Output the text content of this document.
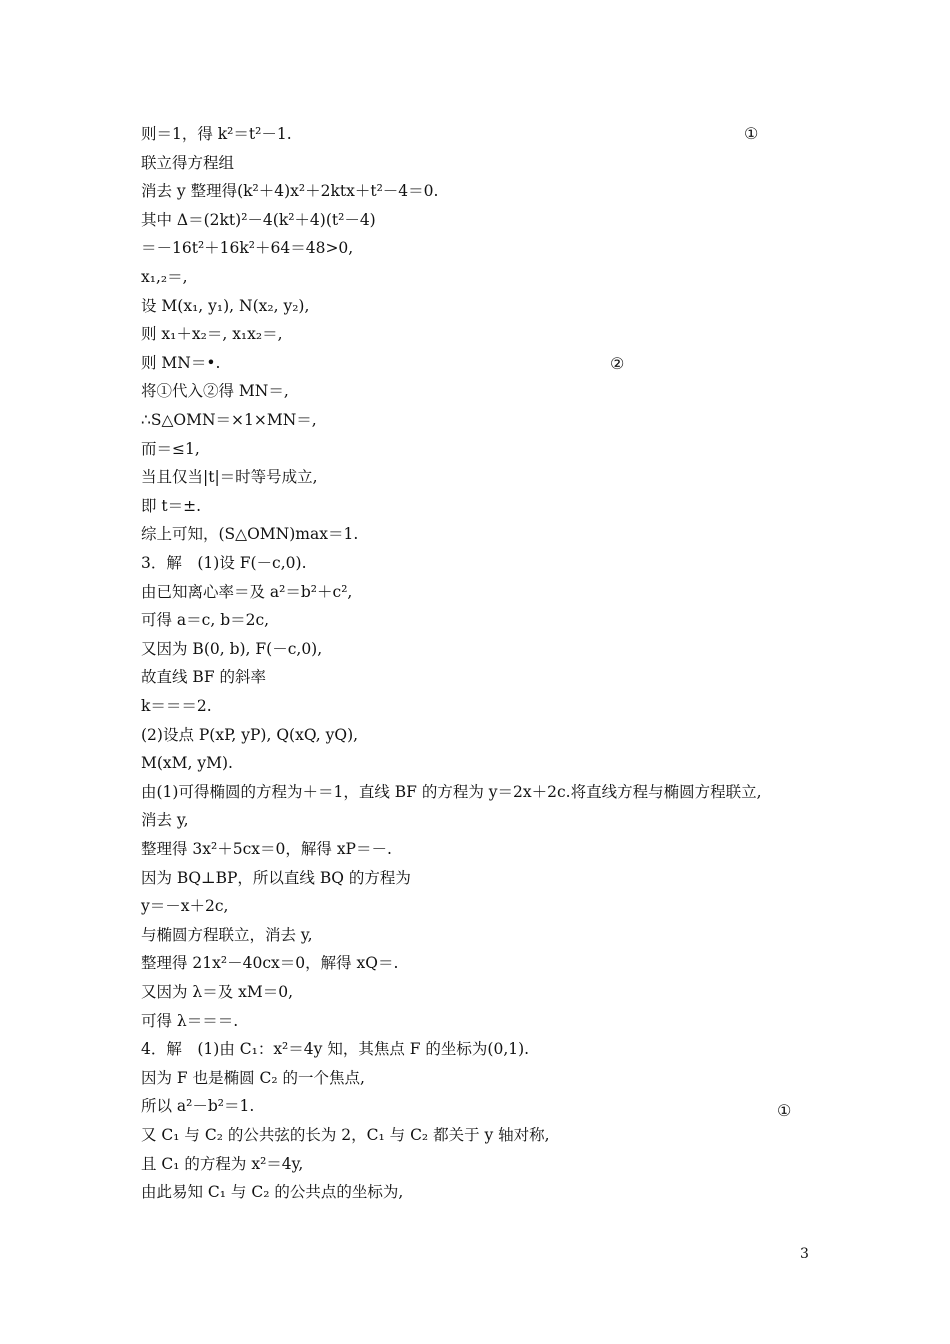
则＝1，得 k²＝t²－1.
联立得方程组
消去 y 整理得(k²＋4)x²＋2ktx＋t²－4＝0.
其中 Δ＝(2kt)²－4(k²＋4)(t²－4)
＝－16t²＋16k²＋64＝48>0,
x₁,₂＝,
设 M(x₁, y₁), N(x₂, y₂),
则 x₁＋x₂＝, x₁x₂＝,
则 MN＝•.
将①代入②得 MN＝,
∴S△OMN＝×1×MN＝,
而＝≤1,
当且仅当|t|＝时等号成立,
即 t＝±.
综上可知，(S△OMN)max＝1.
3．解　(1)设 F(－c,0).
由已知离心率＝及 a²＝b²＋c²,
可得 a＝c, b＝2c,
又因为 B(0, b), F(－c,0),
故直线 BF 的斜率
k＝＝＝2.
(2)设点 P(xP, yP), Q(xQ, yQ),
M(xM, yM).
由(1)可得椭圆的方程为＋＝1，直线 BF 的方程为 y＝2x＋2c.将直线方程与椭圆方程联立,
消去 y,
整理得 3x²＋5cx＝0，解得 xP＝－.
因为 BQ⊥BP，所以直线 BQ 的方程为
y＝－x＋2c,
与椭圆方程联立，消去 y,
整理得 21x²－40cx＝0，解得 xQ＝.
又因为 λ＝及 xM＝0,
可得 λ＝＝＝.
4．解　(1)由 C₁：x²＝4y 知，其焦点 F 的坐标为(0,1).
因为 F 也是椭圆 C₂ 的一个焦点,
所以 a²－b²＝1.
又 C₁ 与 C₂ 的公共弦的长为 2，C₁ 与 C₂ 都关于 y 轴对称,
且 C₁ 的方程为 x²＝4y,
由此易知 C₁ 与 C₂ 的公共点的坐标为,
①
②
①
3
